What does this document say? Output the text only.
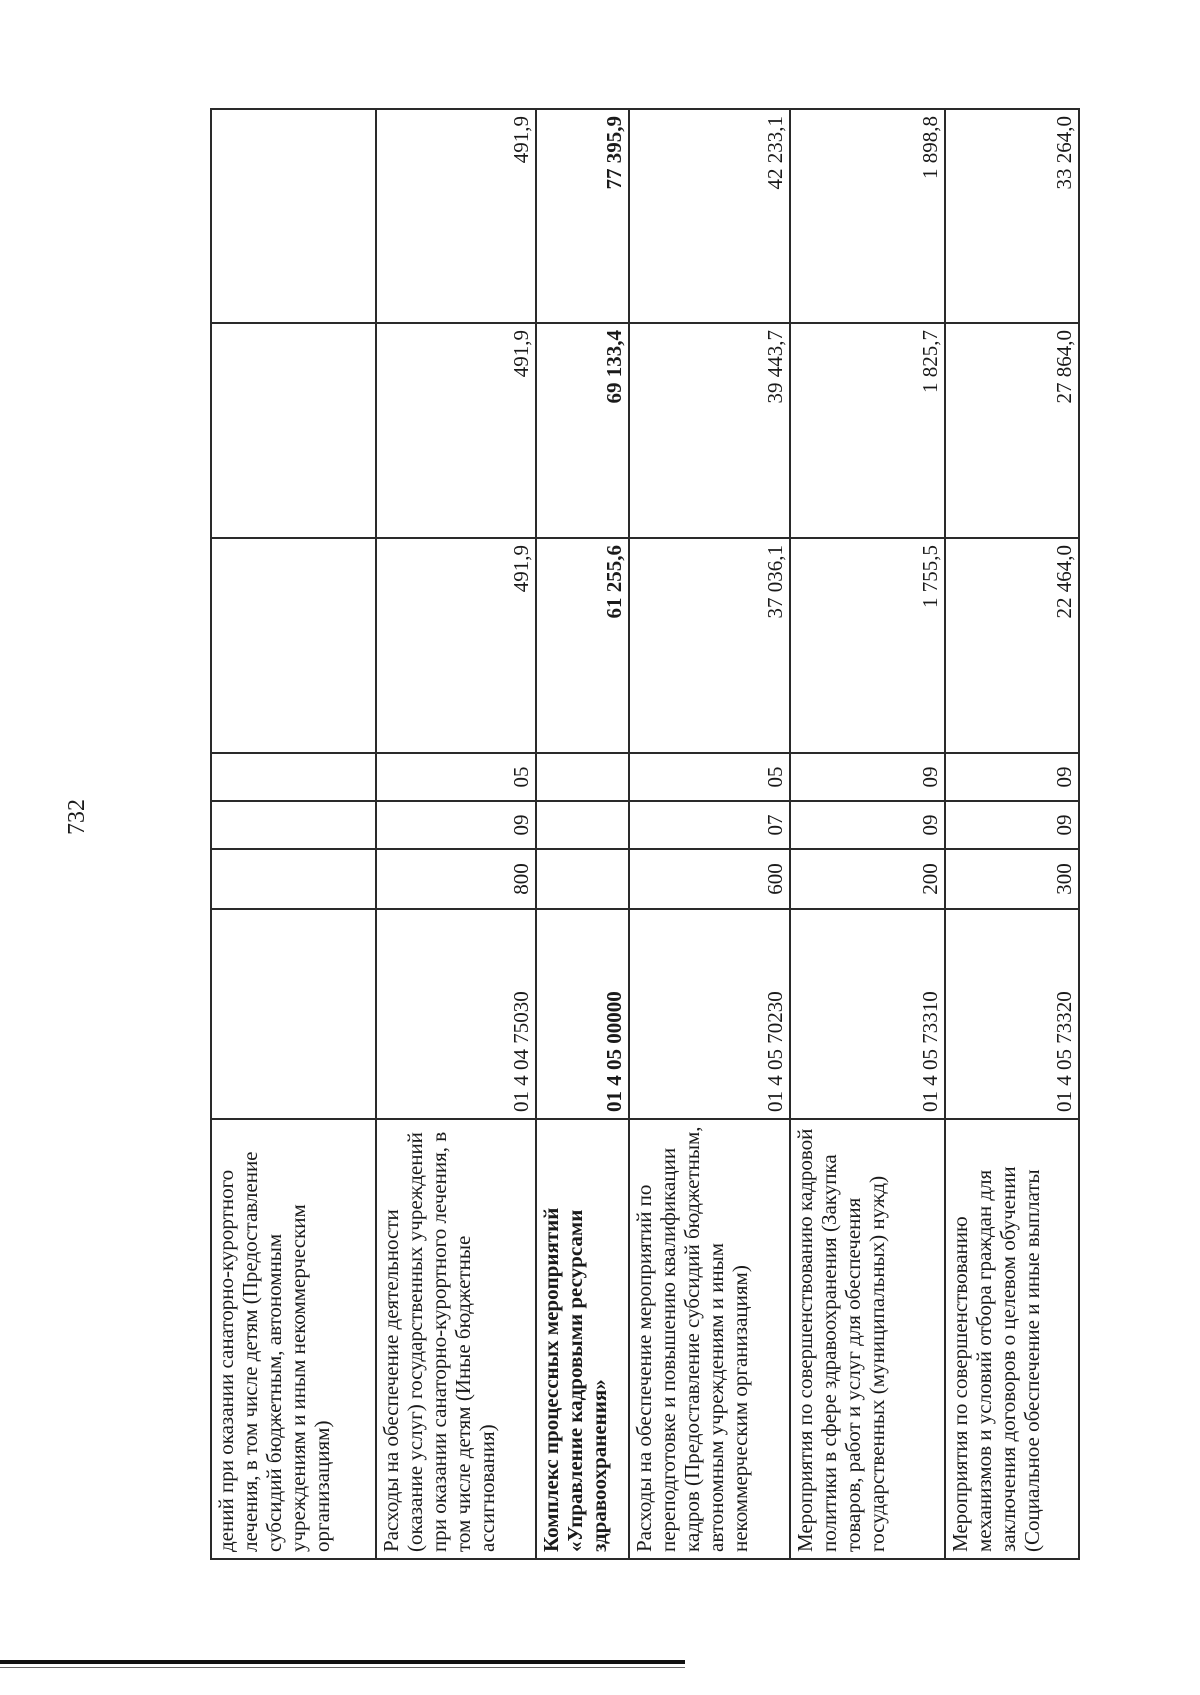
732
дений при оказании санаторно-курортного лечения, в том числе детям (Предоставление субсидий бюджетным, автономным учреждениям и иным некоммерческим организациям)							
Расходы на обеспечение деятельности (оказание услуг) государственных учреждений при оказании санаторно-курортного лечения, в том числе детям (Иные бюджетные ассигнования)	01 4 04 75030	800	09	05	491,9	491,9	491,9
Комплекс процессных мероприятий «Управление кадровыми ресурсами здравоохранения»	01 4 05 00000				61 255,6	69 133,4	77 395,9
Расходы на обеспечение мероприятий по переподготовке и повышению квалификации кадров (Предоставление субсидий бюджетным, автономным учреждениям и иным некоммерческим организациям)	01 4 05 70230	600	07	05	37 036,1	39 443,7	42 233,1
Мероприятия по совершенствованию кадровой политики в сфере здравоохранения (Закупка товаров, работ и услуг для обеспечения государственных (муниципальных) нужд)	01 4 05 73310	200	09	09	1 755,5	1 825,7	1 898,8
Мероприятия по совершенствованию механизмов и условий отбора граждан для заключения договоров о целевом обучении (Социальное обеспечение и иные выплаты	01 4 05 73320	300	09	09	22 464,0	27 864,0	33 264,0
